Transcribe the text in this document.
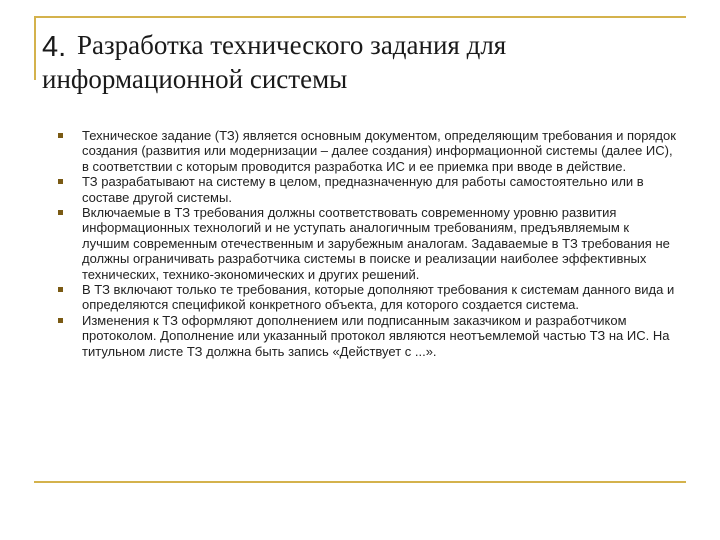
4. Разработка технического задания для информационной системы
Техническое задание (ТЗ) является основным документом, определяющим требования и порядок создания (развития или модернизации – далее создания) информационной системы (далее ИС), в соответствии с которым проводится разработка ИС и ее приемка при вводе в действие.
ТЗ разрабатывают на систему в целом, предназначенную для работы самостоятельно или в составе другой системы.
Включаемые в ТЗ требования должны соответствовать современному уровню развития информационных технологий и не уступать аналогичным требованиям, предъявляемым к лучшим современным отечественным и зарубежным аналогам. Задаваемые в ТЗ требования не должны ограничивать разработчика системы в поиске и реализации наиболее эффективных технических, технико-экономических и других решений.
В ТЗ включают только те требования, которые дополняют требования к системам данного вида и определяются спецификой конкретного объекта, для которого создается система.
Изменения к ТЗ оформляют дополнением или подписанным заказчиком и разработчиком протоколом. Дополнение или указанный протокол являются неотъемлемой частью ТЗ на ИС. На титульном листе ТЗ должна быть запись «Действует с ...».
